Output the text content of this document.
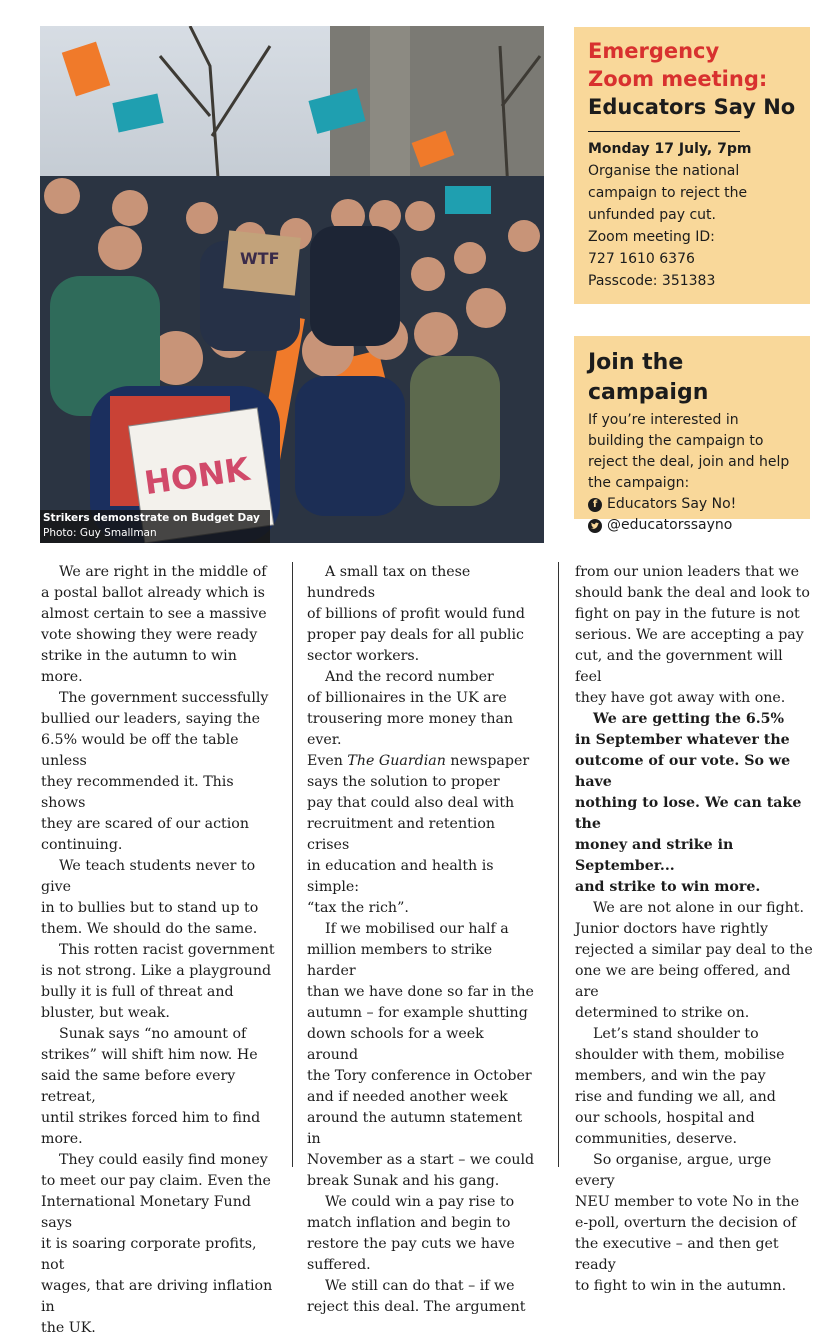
WTF
HONK
Strikers demonstrate on Budget Day Photo: Guy Smallman
Emergency
Zoom meeting:
Educators Say No
Monday 17 July, 7pm
Organise the national
campaign to reject the
unfunded pay cut.
Zoom meeting ID:
727 1610 6376
Passcode: 351383
Join the campaign
If you’re interested in
building the campaign to
reject the deal, join and help
the campaign:
f Educators Say No!
@educatorssayno

We are right in the middle of
a postal ballot already which is
almost certain to see a massive
vote showing they were ready
strike in the autumn to win more.

The government successfully
bullied our leaders, saying the
6.5% would be off the table unless
they recommended it. This shows
they are scared of our action
continuing.

We teach students never to give
in to bullies but to stand up to
them. We should do the same.

This rotten racist government
is not strong. Like a playground
bully it is full of threat and
bluster, but weak.

Sunak says “no amount of
strikes” will shift him now. He
said the same before every retreat,
until strikes forced him to find
more.

They could easily find money
to meet our pay claim. Even the
International Monetary Fund says
it is soaring corporate profits, not
wages, that are driving inflation in
the UK.

A small tax on these hundreds
of billions of profit would fund
proper pay deals for all public
sector workers.

And the record number
of billionaires in the UK are
trousering more money than ever.
Even The Guardian newspaper
says the solution to proper
pay that could also deal with
recruitment and retention crises
in education and health is simple:
“tax the rich”.

If we mobilised our half a
million members to strike harder
than we have done so far in the
autumn – for example shutting
down schools for a week around
the Tory conference in October
and if needed another week
around the autumn statement in
November as a start – we could
break Sunak and his gang.

We could win a pay rise to
match inflation and begin to
restore the pay cuts we have
suffered.

We still can do that – if we
reject this deal. The argument

from our union leaders that we
should bank the deal and look to
fight on pay in the future is not
serious. We are accepting a pay
cut, and the government will feel
they have got away with one.

We are getting the 6.5%
in September whatever the
outcome of our vote. So we have
nothing to lose. We can take the
money and strike in September...
and strike to win more.

We are not alone in our fight.
Junior doctors have rightly
rejected a similar pay deal to the
one we are being offered, and are
determined to strike on.

Let’s stand shoulder to
shoulder with them, mobilise
members, and win the pay
rise and funding we all, and
our schools, hospital and
communities, deserve.

So organise, argue, urge every
NEU member to vote No in the
e-poll, overturn the decision of
the executive – and then get ready
to fight to win in the autumn.
